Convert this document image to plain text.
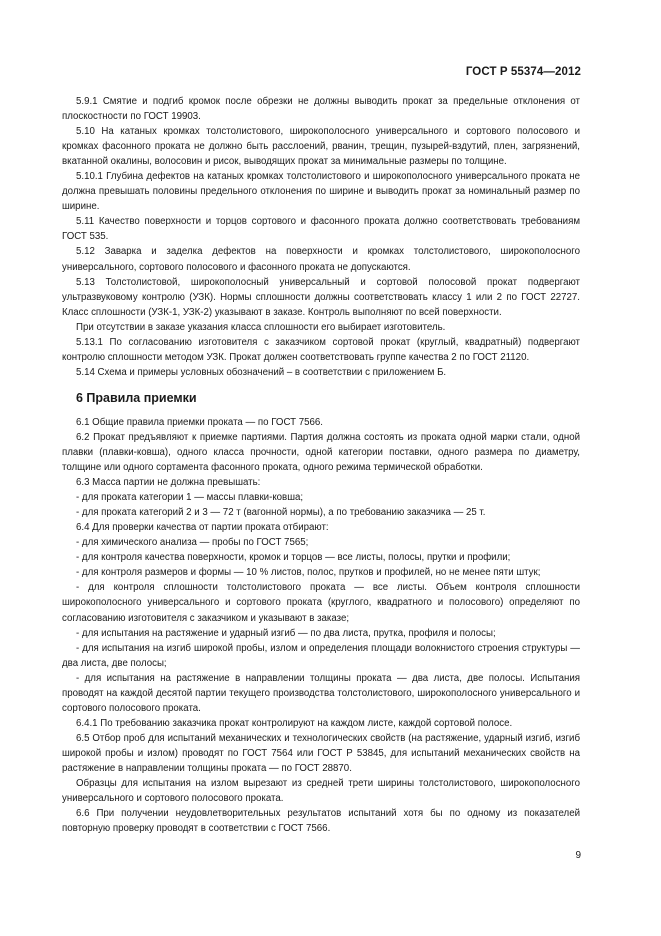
ГОСТ Р 55374—2012

5.9.1 Смятие и подгиб кромок после обрезки не должны выводить прокат за предельные отклонения от плоскостности по ГОСТ 19903.

5.10 На катаных кромках толстолистового, широкополосного универсального и сортового полосового и кромках фасонного проката не должно быть расслоений, рванин, трещин, пузырей-вздутий, плен, загрязнений, вкатанной окалины, волосовин и рисок, выводящих прокат за минимальные размеры по толщине.

5.10.1 Глубина дефектов на катаных кромках толстолистового и широкополосного универсального проката не должна превышать половины предельного отклонения по ширине и выводить прокат за номинальный размер по ширине.

5.11 Качество поверхности и торцов сортового и фасонного проката должно соответствовать требованиям ГОСТ 535.

5.12 Заварка и заделка дефектов на поверхности и кромках толстолистового, широкополосного универсального, сортового полосового и фасонного проката не допускаются.

5.13 Толстолистовой, широкополосный универсальный и сортовой полосовой прокат подвергают ультразвуковому контролю (УЗК). Нормы сплошности должны соответствовать классу 1 или 2 по ГОСТ 22727. Класс сплошности (УЗК-1, УЗК-2) указывают в заказе. Контроль выполняют по всей поверхности.

При отсутствии в заказе указания класса сплошности его выбирает изготовитель.

5.13.1 По согласованию изготовителя с заказчиком сортовой прокат (круглый, квадратный) подвергают контролю сплошности методом УЗК. Прокат должен соответствовать группе качества 2 по ГОСТ 21120.

5.14 Схема и примеры условных обозначений – в соответствии с приложением Б.

6 Правила приемки

6.1 Общие правила приемки проката — по ГОСТ 7566.

6.2 Прокат предъявляют к приемке партиями. Партия должна состоять из проката одной марки стали, одной плавки (плавки-ковша), одного класса прочности, одной категории поставки, одного размера по диаметру, толщине или одного сортамента фасонного проката, одного режима термической обработки.

6.3 Масса партии не должна превышать:

- для проката категории 1 — массы плавки-ковша;

- для проката категорий 2 и 3 — 72 т (вагонной нормы), а по требованию заказчика — 25 т.

6.4 Для проверки качества от партии проката отбирают:

- для химического анализа — пробы по ГОСТ 7565;

- для контроля качества поверхности, кромок и торцов — все листы, полосы, прутки и профили;

- для контроля размеров и формы — 10 % листов, полос, прутков и профилей, но не менее пяти штук;

- для контроля сплошности толстолистового проката — все листы. Объем контроля сплошности широкополосного универсального и сортового проката (круглого, квадратного и полосового) определяют по согласованию изготовителя с заказчиком и указывают в заказе;

- для испытания на растяжение и ударный изгиб — по два листа, прутка, профиля и полосы;

- для испытания на изгиб широкой пробы, излом и определения площади волокнистого строения структуры — два листа, две полосы;

- для испытания на растяжение в направлении толщины проката — два листа, две полосы. Испытания проводят на каждой десятой партии текущего производства толстолистового, широкополосного универсального и сортового полосового проката.

6.4.1 По требованию заказчика прокат контролируют на каждом листе, каждой сортовой полосе.

6.5 Отбор проб для испытаний механических и технологических свойств (на растяжение, ударный изгиб, изгиб широкой пробы и излом) проводят по ГОСТ 7564 или ГОСТ Р 53845, для испытаний механических свойств на растяжение в направлении толщины проката — по ГОСТ 28870.

Образцы для испытания на излом вырезают из средней трети ширины толстолистового, широкополосного универсального и сортового полосового проката.

6.6 При получении неудовлетворительных результатов испытаний хотя бы по одному из показателей повторную проверку проводят в соответствии с ГОСТ 7566.

9
